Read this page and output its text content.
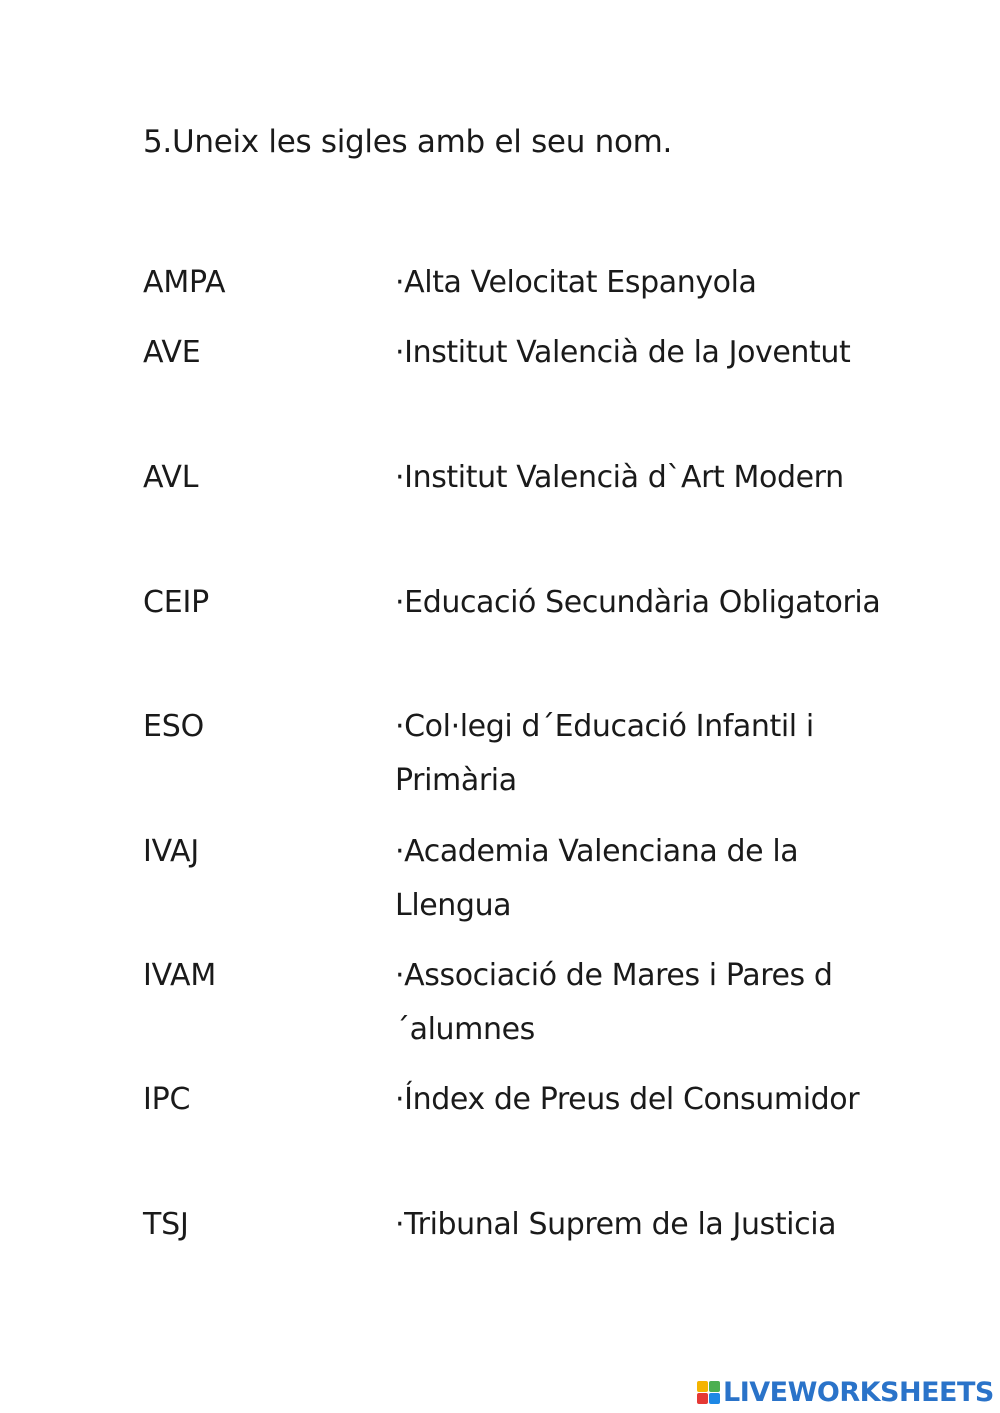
5.Uneix les sigles amb el seu nom.
AMPA	·Alta Velocitat Espanyola
AVE	·Institut Valencià de la Joventut
AVL	·Institut Valencià d`Art Modern
CEIP	·Educació Secundària Obligatoria
ESO	·Col·legi d´Educació Infantil i Primària
IVAJ	·Academia Valenciana de la Llengua
IVAM	·Associació de Mares i Pares d´alumnes
IPC	·Índex de Preus del Consumidor
TSJ	·Tribunal Suprem de la Justicia
LIVEWORKSHEETS
